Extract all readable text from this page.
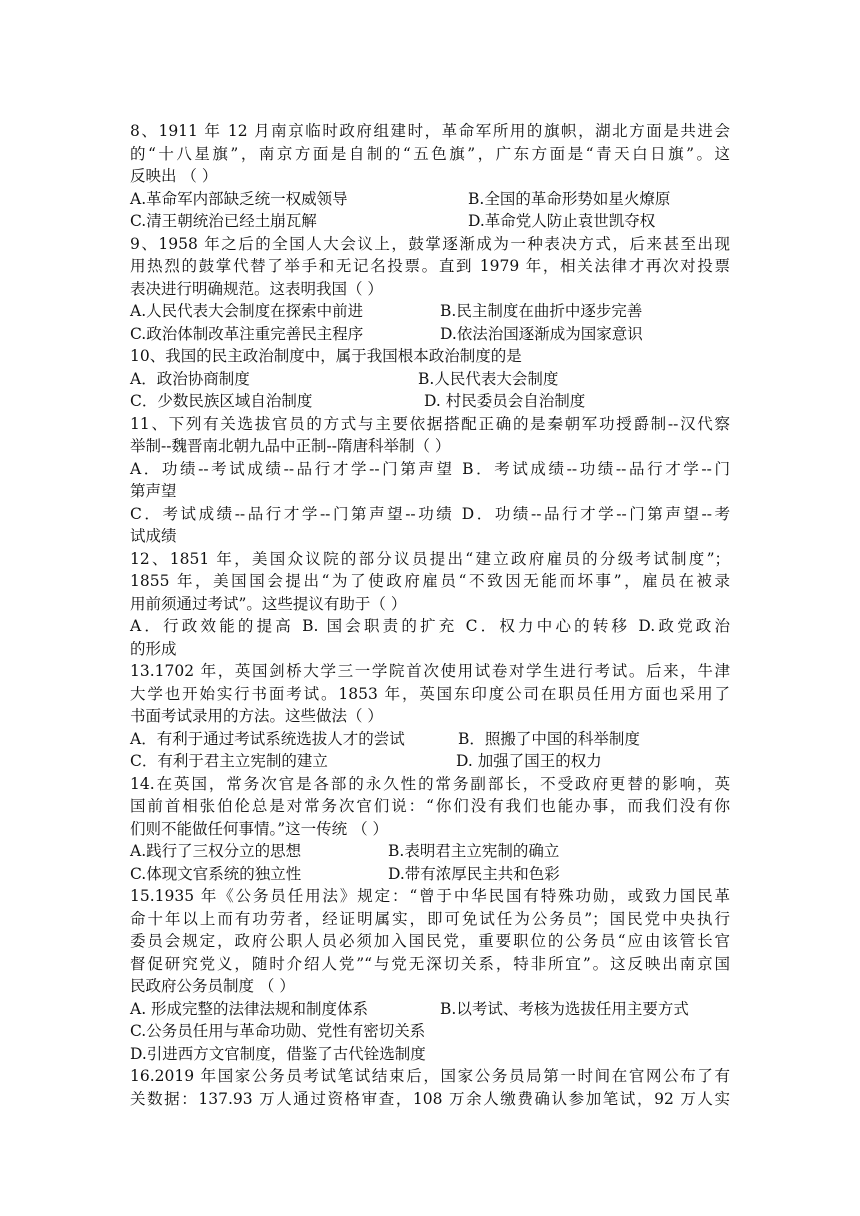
8、1911 年 12 月南京临时政府组建时，革命军所用的旗帜，湖北方面是共进会
的“十八星旗”，南京方面是自制的“五色旗”，广东方面是“青天白日旗”。这
反映出 （ ）
A.革命军内部缺乏统一权威领导	B.全国的革命形势如星火燎原
C.清王朝统治已经土崩瓦解	D.革命党人防止袁世凯夺权
9、1958 年之后的全国人大会议上，鼓掌逐渐成为一种表决方式，后来甚至出现
用热烈的鼓掌代替了举手和无记名投票。直到 1979 年，相关法律才再次对投票
表决进行明确规范。这表明我国（ ）
A.人民代表大会制度在探索中前进	B.民主制度在曲折中逐步完善
C.政治体制改革注重完善民主程序	D.依法治国逐渐成为国家意识
10、我国的民主政治制度中，属于我国根本政治制度的是
A．政治协商制度	B.人民代表大会制度
C．少数民族区域自治制度	D. 村民委员会自治制度
11、下列有关选拔官员的方式与主要依据搭配正确的是秦朝军功授爵制--汉代察
举制--魏晋南北朝九品中正制--隋唐科举制（ ）
A．功绩--考试成绩--品行才学--门第声望 B．考试成绩--功绩--品行才学--门
第声望
C．考试成绩--品行才学--门第声望--功绩 D．功绩--品行才学--门第声望--考
试成绩
12、1851 年，美国众议院的部分议员提出“建立政府雇员的分级考试制度”；
1855 年，美国国会提出“为了使政府雇员“不致因无能而坏事”，雇员在被录
用前须通过考试”。这些提议有助于（ ）
A．行政效能的提高 B. 国会职责的扩充 C．权力中心的转移 D.政党政治
的形成
13.1702 年，英国剑桥大学三一学院首次使用试卷对学生进行考试。后来，牛津
大学也开始实行书面考试。1853 年，英国东印度公司在职员任用方面也采用了
书面考试录用的方法。这些做法（ ）
A．有利于通过考试系统选拔人才的尝试	B．照搬了中国的科举制度
C．有利于君主立宪制的建立	D. 加强了国王的权力
14.在英国，常务次官是各部的永久性的常务副部长，不受政府更替的影响，英
国前首相张伯伦总是对常务次官们说：“你们没有我们也能办事，而我们没有你
们则不能做任何事情。”这一传统 （ ）
A.践行了三权分立的思想	B.表明君主立宪制的确立
C.体现文官系统的独立性	D.带有浓厚民主共和色彩
15.1935 年《公务员任用法》规定：“曾于中华民国有特殊功勋，或致力国民革
命十年以上而有功劳者，经证明属实，即可免试任为公务员”；国民党中央执行
委员会规定，政府公职人员必须加入国民党，重要职位的公务员“应由该管长官
督促研究党义，随时介绍人党”“与党无深切关系，特非所宜”。这反映出南京国
民政府公务员制度 （ ）
A. 形成完整的法律法规和制度体系	B.以考试、考核为选拔任用主要方式
C.公务员任用与革命功勋、党性有密切关系
D.引进西方文官制度，借鉴了古代铨选制度
16.2019 年国家公务员考试笔试结束后，国家公务员局第一时间在官网公布了有
关数据：137.93 万人通过资格审查，108 万余人缴费确认参加笔试，92 万人实
